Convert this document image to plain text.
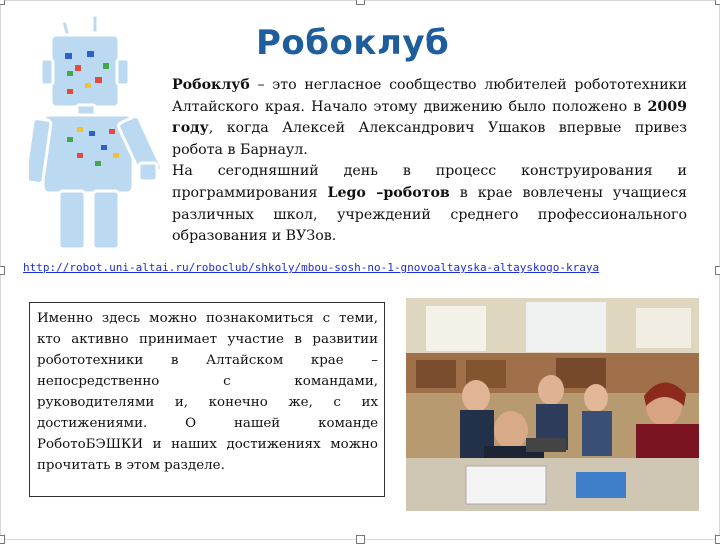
Робоклуб

Робоклуб – это негласное сообщество любителей робототехники Алтайского края. Начало этому движению было положено в 2009 году, когда Алексей Александрович Ушаков впервые привез робота в Барнаул.

На сегодняшний день в процесс конструирования и программирования Lego –роботов в крае вовлечены учащиеся различных школ, учреждений среднего профессионального образования и ВУЗов.

http://robot.uni-altai.ru/roboclub/shkoly/mbou-sosh-no-1-gnovoaltayska-altayskogo-kraya
Именно здесь можно познакомиться с теми, кто активно принимает участие в развитии робототехники в Алтайском крае – непосредственно с командами, руководителями и, конечно же, с их достижениями. О нашей команде РоботоБЭШКИ и наших достижениях можно прочитать в этом разделе.
